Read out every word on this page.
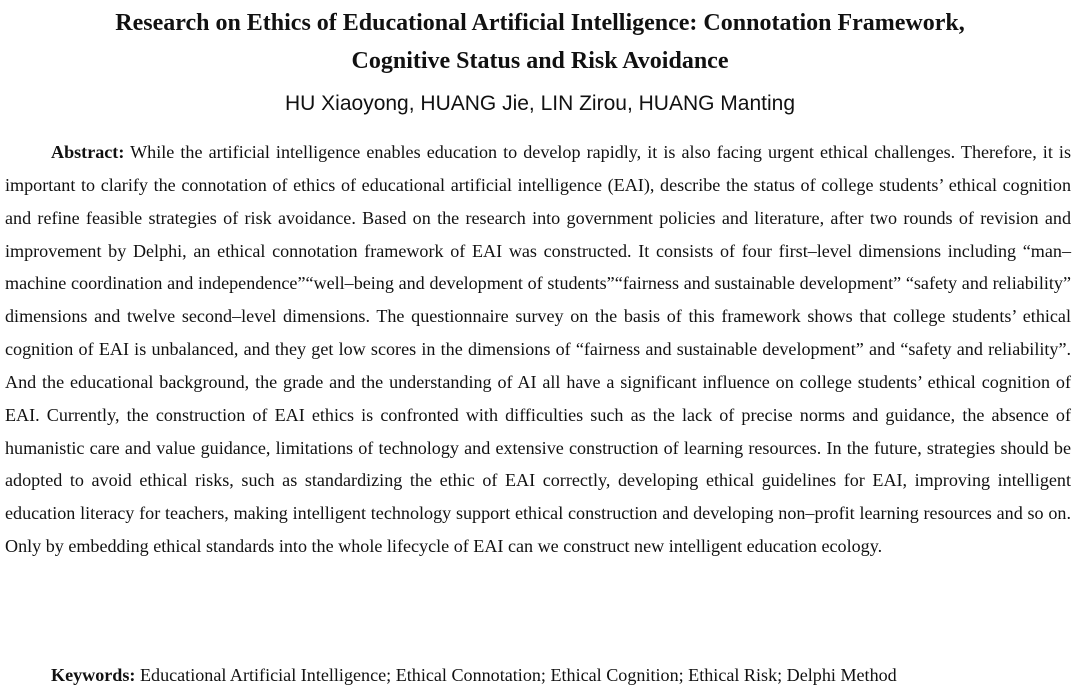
Research on Ethics of Educational Artificial Intelligence: Connotation Framework,
Cognitive Status and Risk Avoidance
HU Xiaoyong, HUANG Jie, LIN Zirou, HUANG Manting

Abstract: While the artificial intelligence enables education to develop rapidly, it is also facing urgent ethical challenges. Therefore, it is important to clarify the connotation of ethics of educational artificial intelligence (EAI), describe the status of college students’ ethical cognition and refine feasible strategies of risk avoidance. Based on the research into government policies and literature, after two rounds of revision and improvement by Delphi, an ethical connotation framework of EAI was constructed. It consists of four first–level dimensions including “man–machine coordination and independence”“well–being and development of students”“fairness and sustainable development” “safety and reliability” dimensions and twelve second–level dimensions. The questionnaire survey on the basis of this framework shows that college students’ ethical cognition of EAI is unbalanced, and they get low scores in the dimensions of “fairness and sustainable development” and “safety and reliability”. And the educational background, the grade and the understanding of AI all have a significant influence on college students’ ethical cognition of EAI. Currently, the construction of EAI ethics is confronted with difficulties such as the lack of precise norms and guidance, the absence of humanistic care and value guidance, limitations of technology and extensive construction of learning resources. In the future, strategies should be adopted to avoid ethical risks, such as standardizing the ethic of EAI correctly, developing ethical guidelines for EAI, improving intelligent education literacy for teachers, making intelligent technology support ethical construction and developing non–profit learning resources and so on. Only by embedding ethical standards into the whole lifecycle of EAI can we construct new intelligent education ecology.

Keywords: Educational Artificial Intelligence; Ethical Connotation; Ethical Cognition; Ethical Risk; Delphi Method
